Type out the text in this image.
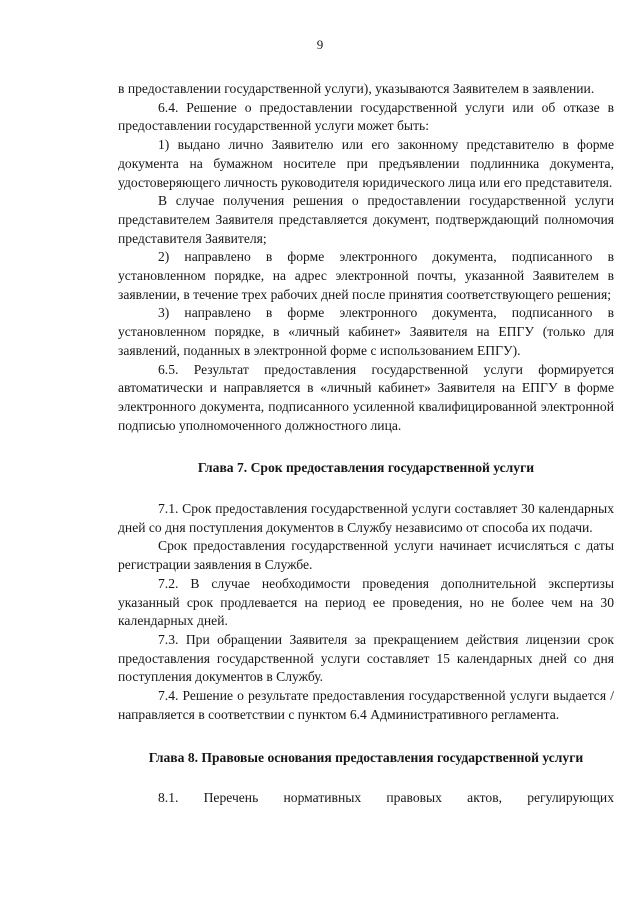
9

в предоставлении государственной услуги), указываются Заявителем в заявлении.

6.4. Решение о предоставлении государственной услуги или об отказе в предоставлении государственной услуги может быть:

1) выдано лично Заявителю или его законному представителю в форме документа на бумажном носителе при предъявлении подлинника документа, удостоверяющего личность руководителя юридического лица или его представителя.

В случае получения решения о предоставлении государственной услуги представителем Заявителя представляется документ, подтверждающий полномочия представителя Заявителя;

2) направлено в форме электронного документа, подписанного в установленном порядке, на адрес электронной почты, указанной Заявителем в заявлении, в течение трех рабочих дней после принятия соответствующего решения;

3) направлено в форме электронного документа, подписанного в установленном порядке, в «личный кабинет» Заявителя на ЕПГУ (только для заявлений, поданных в электронной форме с использованием ЕПГУ).

6.5. Результат предоставления государственной услуги формируется автоматически и направляется в «личный кабинет» Заявителя на ЕПГУ в форме электронного документа, подписанного усиленной квалифицированной электронной подписью уполномоченного должностного лица.

Глава 7. Срок предоставления государственной услуги

7.1. Срок предоставления государственной услуги составляет 30 календарных дней со дня поступления документов в Службу независимо от способа их подачи.

Срок предоставления государственной услуги начинает исчисляться с даты регистрации заявления в Службе.

7.2. В случае необходимости проведения дополнительной экспертизы указанный срок продлевается на период ее проведения, но не более чем на 30 календарных дней.

7.3. При обращении Заявителя за прекращением действия лицензии срок предоставления государственной услуги составляет 15 календарных дней со дня поступления документов в Службу.

7.4. Решение о результате предоставления государственной услуги выдается / направляется в соответствии с пунктом 6.4 Административного регламента.

Глава 8. Правовые основания предоставления государственной услуги

8.1. Перечень нормативных правовых актов, регулирующих
